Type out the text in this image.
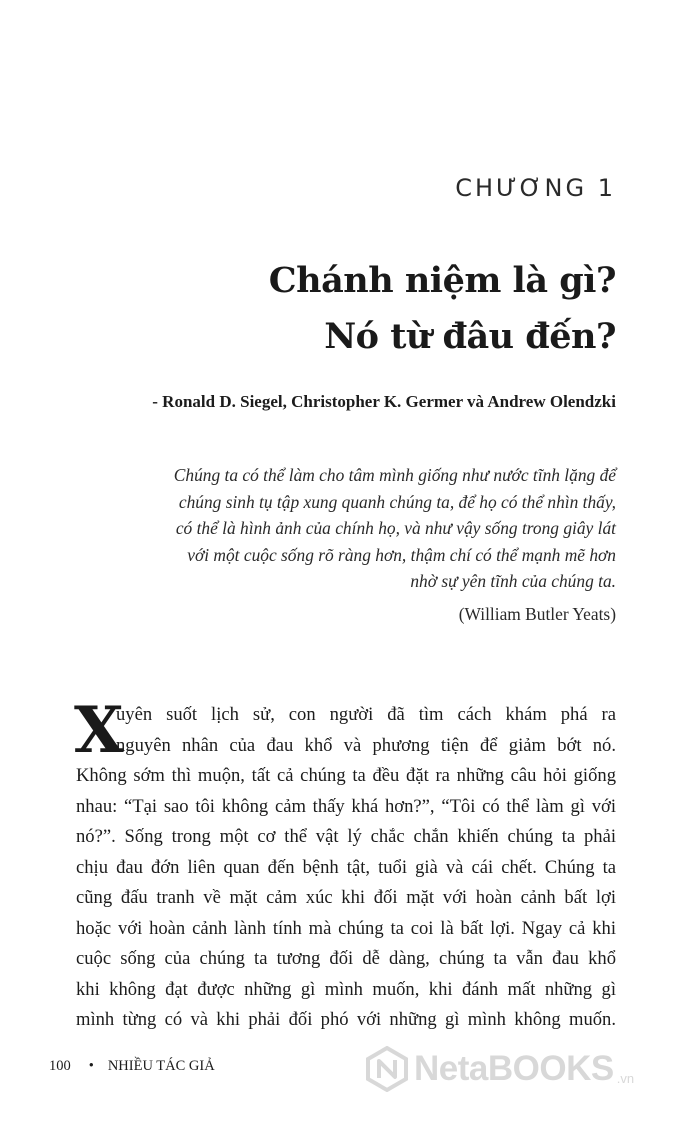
CHƯƠNG 1
Chánh niệm là gì?
Nó từ đâu đến?
- Ronald D. Siegel, Christopher K. Germer và Andrew Olendzki
Chúng ta có thể làm cho tâm mình giống như nước tĩnh lặng để
chúng sinh tụ tập xung quanh chúng ta, để họ có thể nhìn thấy,
có thể là hình ảnh của chính họ, và như vậy sống trong giây lát
với một cuộc sống rõ ràng hơn, thậm chí có thể mạnh mẽ hơn
nhờ sự yên tĩnh của chúng ta.
(William Butler Yeats)
X
uyên suốt lịch sử, con người đã tìm cách khám phá ra
nguyên nhân của đau khổ và phương tiện để giảm bớt nó.
Không sớm thì muộn, tất cả chúng ta đều đặt ra những câu hỏi giống
nhau: “Tại sao tôi không cảm thấy khá hơn?”, “Tôi có thể làm gì với
nó?”. Sống trong một cơ thể vật lý chắc chắn khiến chúng ta phải
chịu đau đớn liên quan đến bệnh tật, tuổi già và cái chết. Chúng ta
cũng đấu tranh về mặt cảm xúc khi đối mặt với hoàn cảnh bất lợi
hoặc với hoàn cảnh lành tính mà chúng ta coi là bất lợi. Ngay cả khi
cuộc sống của chúng ta tương đối dễ dàng, chúng ta vẫn đau khổ
khi không đạt được những gì mình muốn, khi đánh mất những gì
mình từng có và khi phải đối phó với những gì mình không muốn.
100 • NHIỀU TÁC GIẢ	NetaBOOKS .vn
